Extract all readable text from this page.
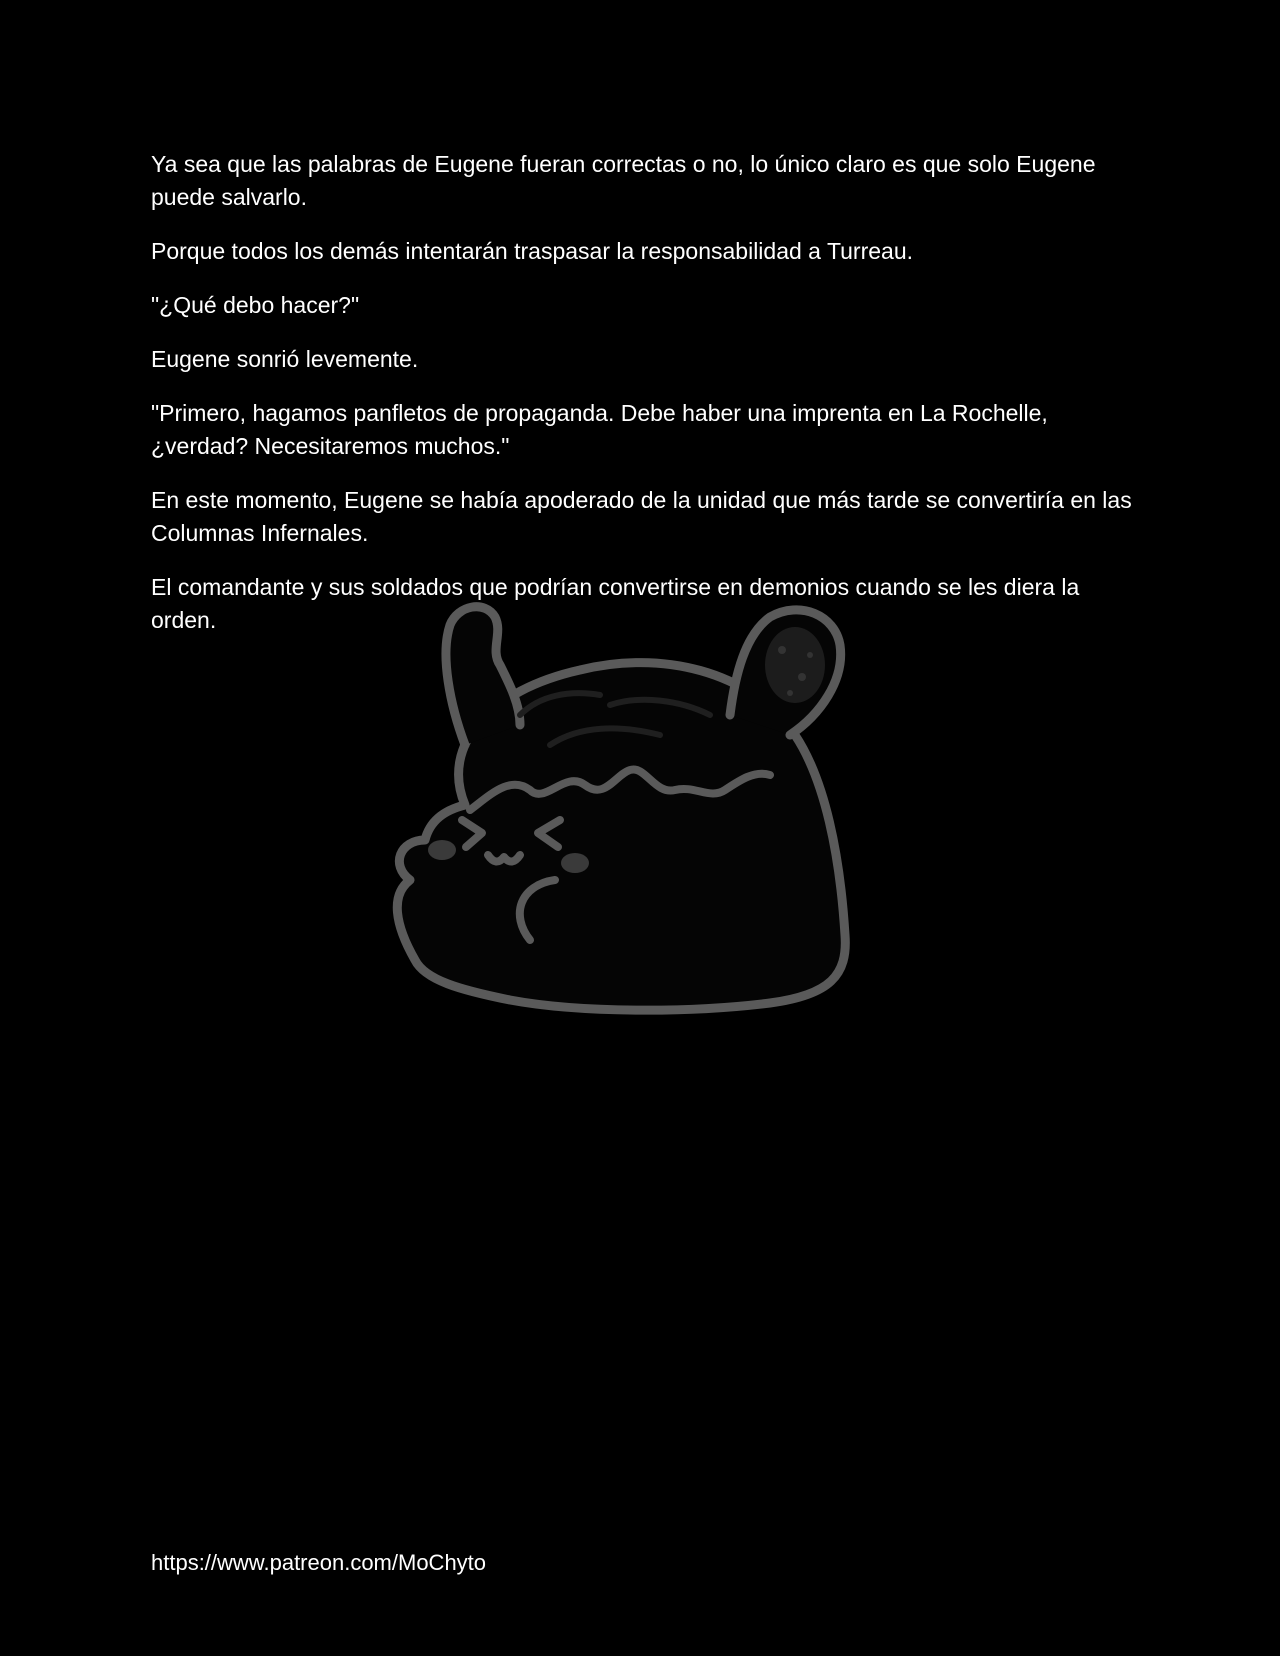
Ya sea que las palabras de Eugene fueran correctas o no, lo único claro es que solo Eugene puede salvarlo.

Porque todos los demás intentarán traspasar la responsabilidad a Turreau.

"¿Qué debo hacer?"

Eugene sonrió levemente.

"Primero, hagamos panfletos de propaganda. Debe haber una imprenta en La Rochelle, ¿verdad? Necesitaremos muchos."

En este momento, Eugene se había apoderado de la unidad que más tarde se convertiría en las Columnas Infernales.

El comandante y sus soldados que podrían convertirse en demonios cuando se les diera la orden.

https://www.patreon.com/MoChyto
